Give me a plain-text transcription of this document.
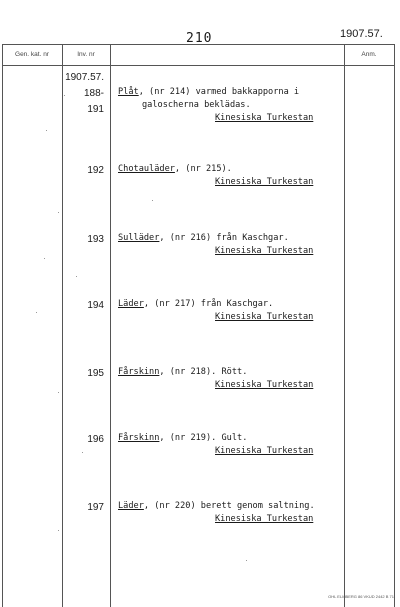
210	1907.57.
Gen. kat. nr	Inv. nr	Anm.
1907.57.
188-
191
Plåt, (nr 214) varmed bakkapporna i
galoscherna beklädas.
Kinesiska Turkestan
192 Chotauläder, (nr 215).
Kinesiska Turkestan
193 Sulläder, (nr 216) från Kaschgar.
Kinesiska Turkestan
194 Läder, (nr 217) från Kaschgar.
Kinesiska Turkestan
195 Fårskinn, (nr 218). Rött.
Kinesiska Turkestan
196 Fårskinn, (nr 219). Gult.
Kinesiska Turkestan
197 Läder, (nr 220) berett genom saltning.
Kinesiska Turkestan
OHL ELMBERG 86 VKUD 2442 B 71
